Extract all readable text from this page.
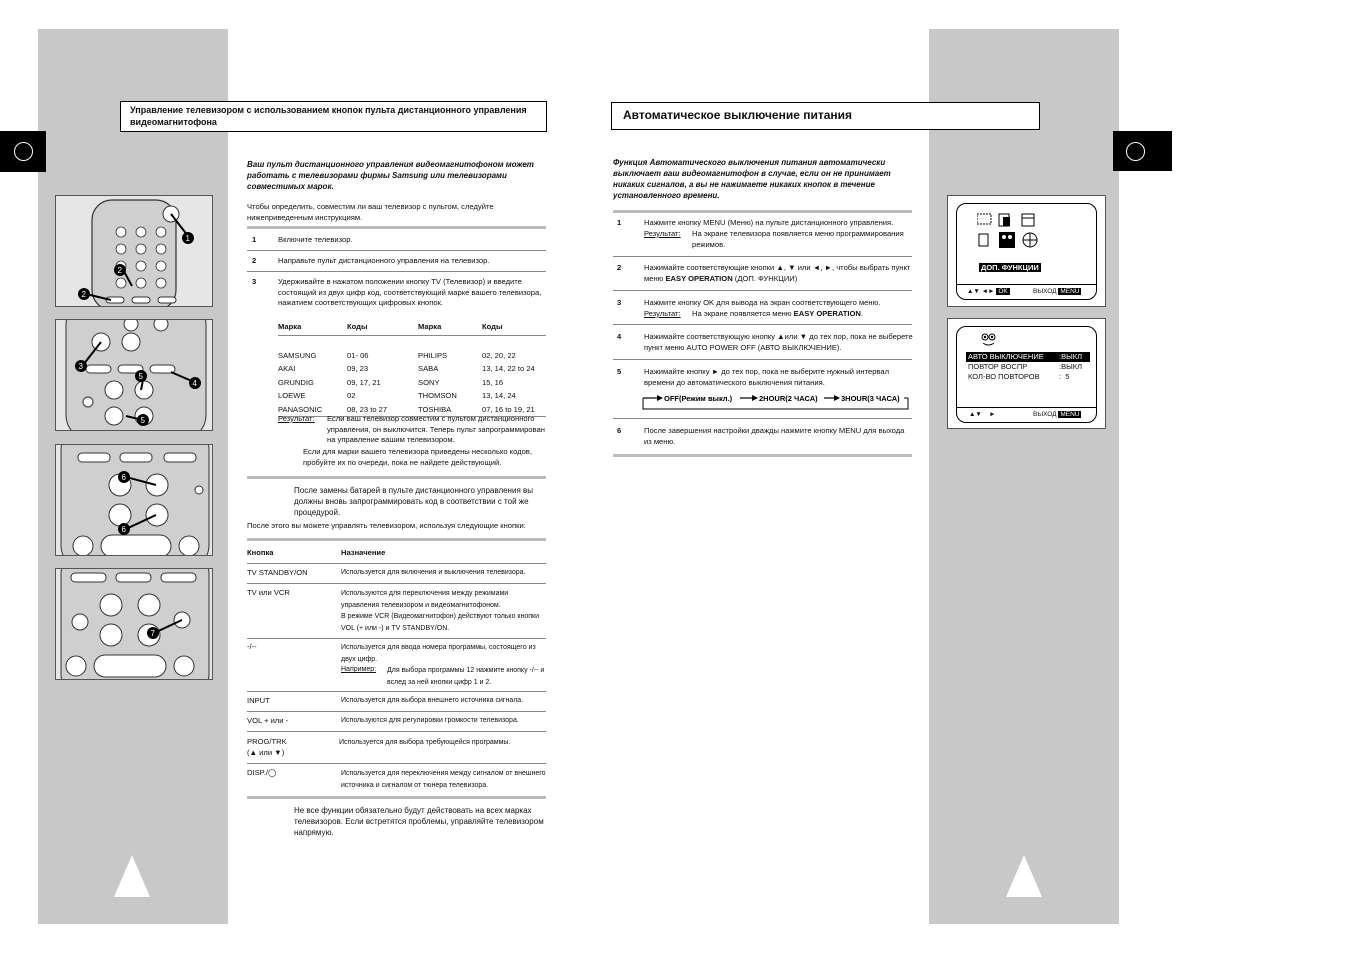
1
2
2
3
5
4
5
6
6
7
Управление телевизором с использованием кнопок пульта дистанционного управления видеомагнитофона
Ваш пульт дистанционного управления видеомагнитофоном может работать с телевизорами фирмы Samsung или телевизорами совместимых марок.
Чтобы определить, совместим ли ваш телевизор с пультом, следуйте нижеприведенным инструкциям.
1	Включите телевизор.
2	Направьте пульт дистанционного управления на телевизор.
3	Удерживайте в нажатом положении кнопку TV (Телевизор) и введите состоящий из двух цифр код, соответствующий марке вашего телевизора, нажатием соответствующих цифровых кнопок.
Марка	Коды	Марка	Коды

SAMSUNG	01- 06	PHILIPS	02, 20, 22
AKAI	09, 23	SABA	13, 14, 22 to 24
GRUNDIG	09, 17, 21	SONY	15, 16
LOEWE	02	THOMSON	13, 14, 24
PANASONIC	08, 23 to 27	TOSHIBA	07, 16 to 19, 21
Результат: Если ваш телевизор совместим с пультом дистанционного управления, он выключится. Теперь пульт запрограммирован на управление вашим телевизором.
Если для марки вашего телевизора приведены несколько кодов, пробуйте их по очереди, пока не найдете действующий.
После замены батарей в пульте дистанционного управления вы должны вновь запрограммировать код в соответствии с той же процедурой.
После этого вы можете управлять телевизором, используя следующие кнопки:
Кнопка	Назначение
TV STANDBY/ON	Используется для включения и выключения телевизора.
TV или VCR	Используются для переключения между режимами управления телевизором и видеомагнитофоном.
В режиме VCR (Видеомагнитофон) действуют только кнопки VOL (+ или -) и TV STANDBY/ON.
-/--	Используется для ввода номера программы, состоящего из двух цифр.
Например: Для выбора программы 12 нажмите кнопку -/-- и вслед за ней кнопки цифр 1 и 2.
INPUT	Используется для выбора внешнего источника сигнала.
VOL + или -	Используются для регулировки громкости телевизора.
PROG/TRK
(▲ или ▼)
Используется для выбора требующейся программы.
DISP./◯	Используется для переключения между сигналом от внешнего источника и сигналом от тюнера телевизора.
Не все функции обязательно будут действовать на всех марках телевизоров. Если встретятся проблемы, управляйте телевизором напрямую.
Автоматическое выключение питания
Функция Автоматического выключения питания автоматически выключает ваш видеомагнитофон в случае, если он не принимает никаких сигналов, а вы не нажимаете никаких кнопок в течение установленного времени.
1	Нажмите кнопку MENU (Меню) на пульте дистанционного управления.
Результат: На экране телевизора появляется меню программирования режимов.
2	Нажимайте соответствующие кнопки ▲, ▼ или ◄, ►, чтобы выбрать пункт меню EASY OPERATION (ДОП. ФУНКЦИИ)
3	Нажмите кнопку OK для вывода на экран соответствующего меню.
Результат: На экране появляется меню EASY OPERATION.
4	Нажимайте соответствующую кнопку ▲или ▼ до тех пор, пока не выберете пункт меню AUTO POWER OFF (АВТО ВЫКЛЮЧЕНИЕ).
5	Нажимайте кнопку ► до тех пор, пока не выберите нужный интервал времени до автоматического выключения питания.
OFF(Режим выкл.)	2HOUR(2 ЧАСА)	3HOUR(3 ЧАСА)
6	После завершения настройки дважды нажмите кнопку MENU для выхода из меню.
ДОП. ФУНКЦИИ
▲▼ ◄► OK	ВЫХОД MENU
АВТО ВЫКЛЮЧЕНИЕ :ВЫКЛ
ПОВТОР ВОСПР	:ВЫКЛ
КОЛ-ВО ПОВТОРОВ	:  5
▲▼    ►	ВЫХОД MENU
